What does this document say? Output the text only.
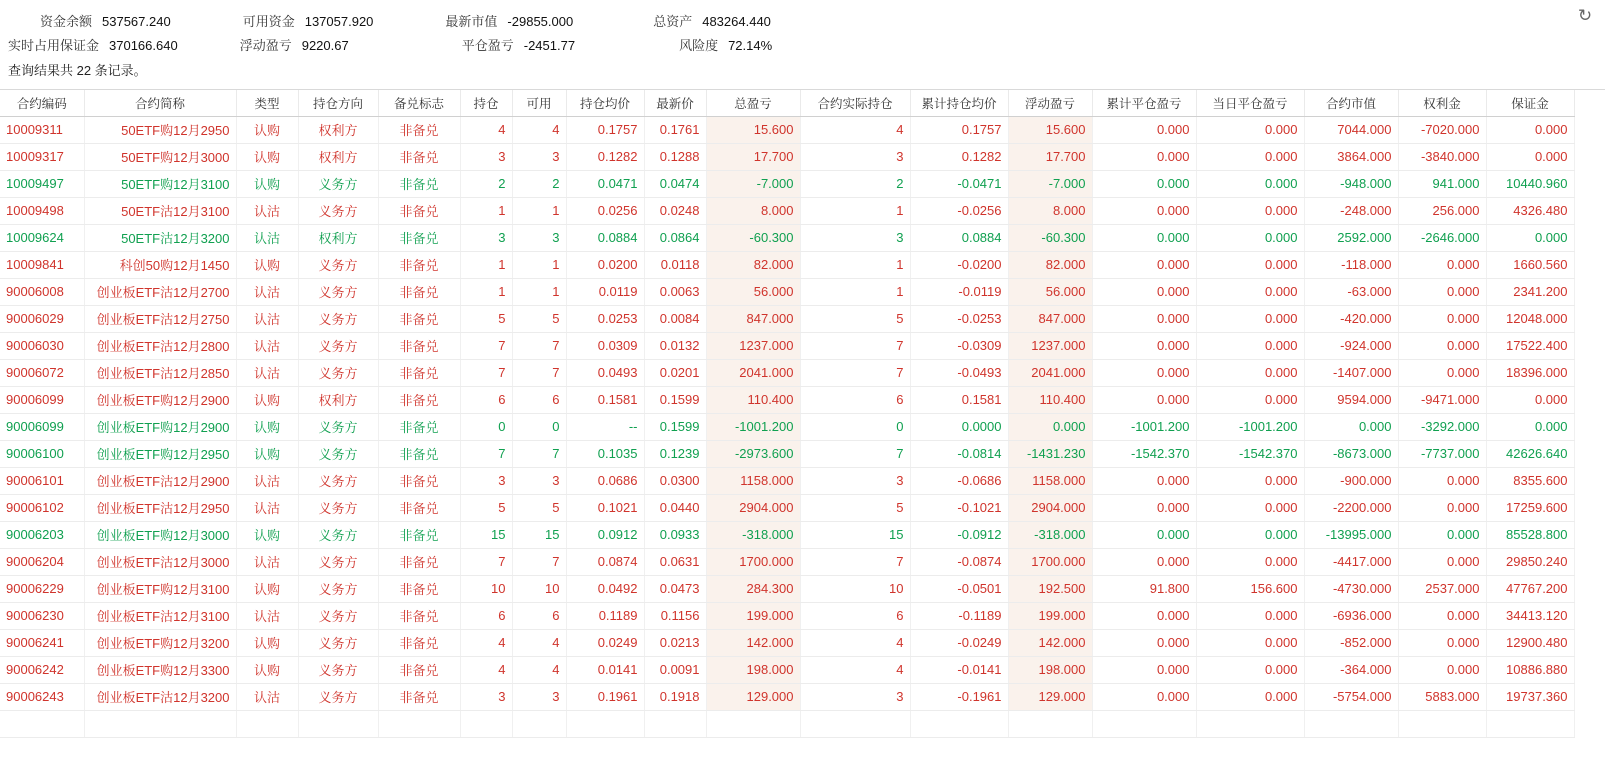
↻
资金余额 537567.240	可用资金 137057.920	最新市值 -29855.000	总资产 483264.440
实时占用保证金 370166.640	浮动盈亏 9220.67	平仓盈亏 -2451.77	风险度 72.14%
查询结果共 22 条记录。
合约编码	合约简称	类型	持仓方向	备兑标志	持仓	可用	持仓均价	最新价	总盈亏	合约实际持仓	累计持仓均价	浮动盈亏	累计平仓盈亏	当日平仓盈亏	合约市值	权利金	保证金
10009311	50ETF购12月2950	认购	权利方	非备兑	4	4	0.1757	0.1761	15.600	4	0.1757	15.600	0.000	0.000	7044.000	-7020.000	0.000
10009317	50ETF购12月3000	认购	权利方	非备兑	3	3	0.1282	0.1288	17.700	3	0.1282	17.700	0.000	0.000	3864.000	-3840.000	0.000
10009497	50ETF购12月3100	认购	义务方	非备兑	2	2	0.0471	0.0474	-7.000	2	-0.0471	-7.000	0.000	0.000	-948.000	941.000	10440.960
10009498	50ETF沽12月3100	认沽	义务方	非备兑	1	1	0.0256	0.0248	8.000	1	-0.0256	8.000	0.000	0.000	-248.000	256.000	4326.480
10009624	50ETF沽12月3200	认沽	权利方	非备兑	3	3	0.0884	0.0864	-60.300	3	0.0884	-60.300	0.000	0.000	2592.000	-2646.000	0.000
10009841	科创50购12月1450	认购	义务方	非备兑	1	1	0.0200	0.0118	82.000	1	-0.0200	82.000	0.000	0.000	-118.000	0.000	1660.560
90006008	创业板ETF沽12月2700	认沽	义务方	非备兑	1	1	0.0119	0.0063	56.000	1	-0.0119	56.000	0.000	0.000	-63.000	0.000	2341.200
90006029	创业板ETF沽12月2750	认沽	义务方	非备兑	5	5	0.0253	0.0084	847.000	5	-0.0253	847.000	0.000	0.000	-420.000	0.000	12048.000
90006030	创业板ETF沽12月2800	认沽	义务方	非备兑	7	7	0.0309	0.0132	1237.000	7	-0.0309	1237.000	0.000	0.000	-924.000	0.000	17522.400
90006072	创业板ETF沽12月2850	认沽	义务方	非备兑	7	7	0.0493	0.0201	2041.000	7	-0.0493	2041.000	0.000	0.000	-1407.000	0.000	18396.000
90006099	创业板ETF购12月2900	认购	权利方	非备兑	6	6	0.1581	0.1599	110.400	6	0.1581	110.400	0.000	0.000	9594.000	-9471.000	0.000
90006099	创业板ETF购12月2900	认购	义务方	非备兑	0	0	--	0.1599	-1001.200	0	0.0000	0.000	-1001.200	-1001.200	0.000	-3292.000	0.000
90006100	创业板ETF购12月2950	认购	义务方	非备兑	7	7	0.1035	0.1239	-2973.600	7	-0.0814	-1431.230	-1542.370	-1542.370	-8673.000	-7737.000	42626.640
90006101	创业板ETF沽12月2900	认沽	义务方	非备兑	3	3	0.0686	0.0300	1158.000	3	-0.0686	1158.000	0.000	0.000	-900.000	0.000	8355.600
90006102	创业板ETF沽12月2950	认沽	义务方	非备兑	5	5	0.1021	0.0440	2904.000	5	-0.1021	2904.000	0.000	0.000	-2200.000	0.000	17259.600
90006203	创业板ETF购12月3000	认购	义务方	非备兑	15	15	0.0912	0.0933	-318.000	15	-0.0912	-318.000	0.000	0.000	-13995.000	0.000	85528.800
90006204	创业板ETF沽12月3000	认沽	义务方	非备兑	7	7	0.0874	0.0631	1700.000	7	-0.0874	1700.000	0.000	0.000	-4417.000	0.000	29850.240
90006229	创业板ETF购12月3100	认购	义务方	非备兑	10	10	0.0492	0.0473	284.300	10	-0.0501	192.500	91.800	156.600	-4730.000	2537.000	47767.200
90006230	创业板ETF沽12月3100	认沽	义务方	非备兑	6	6	0.1189	0.1156	199.000	6	-0.1189	199.000	0.000	0.000	-6936.000	0.000	34413.120
90006241	创业板ETF购12月3200	认购	义务方	非备兑	4	4	0.0249	0.0213	142.000	4	-0.0249	142.000	0.000	0.000	-852.000	0.000	12900.480
90006242	创业板ETF购12月3300	认购	义务方	非备兑	4	4	0.0141	0.0091	198.000	4	-0.0141	198.000	0.000	0.000	-364.000	0.000	10886.880
90006243	创业板ETF沽12月3200	认沽	义务方	非备兑	3	3	0.1961	0.1918	129.000	3	-0.1961	129.000	0.000	0.000	-5754.000	5883.000	19737.360
